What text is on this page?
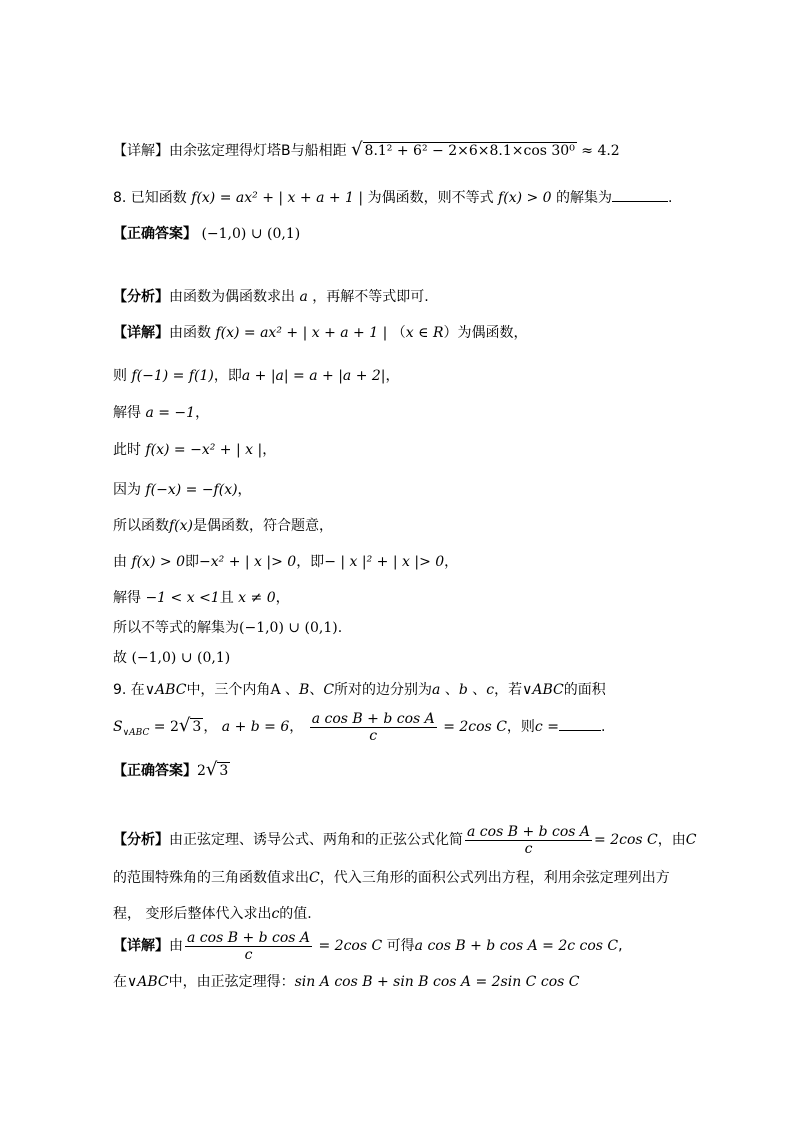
【详解】由余弦定理得灯塔B与船相距 √ 8.1² + 6² − 2×6×8.1×cos 30⁰ ≈ 4.2
8. 已知函数 f(x) = ax² + | x + a + 1 | 为偶函数，则不等式 f(x) > 0 的解集为	.
【正确答案】 (−1,0) ∪ (0,1)
【分析】由函数为偶函数求出 a ，再解不等式即可.
【详解】由函数 f(x) = ax² + | x + a + 1 | （x ∈ R）为偶函数，
则 f(−1) = f(1)，即a + |a| = a + |a + 2|，
解得 a = −1，
此时 f(x) = −x² + | x |，
因为 f(−x) = −f(x)，
所以函数f(x)是偶函数，符合题意，
由 f(x) > 0即−x² + | x |> 0，即− | x |² + | x |> 0，
解得 −1 < x <1且 x ≠ 0，
所以不等式的解集为(−1,0) ∪ (0,1).
故 (−1,0) ∪ (0,1)
9. 在∨ABC中，三个内角A 、B、C所对的边分别为a 、b 、c，若∨ABC的面积
$S_{\vee ABC} = 2√$ 3 ， a + b = 6， $\frac{\text{a cos B + b cos A}}{c} = 2\cos$ C，则c =	.
【正确答案】2√ 3
【分析】由正弦定理、诱导公式、两角和的正弦公式化简 $\frac{\text{a cos B + b cos A}}{c} = 2\cos$ C，由C
的范围特殊角的三角函数值求出C，代入三角形的面积公式列出方程，利用余弦定理列出方
程， 变形后整体代入求出c的值.
【详解】由 $\frac{\text{a cos B + b cos A}}{c} = 2\cos$ C 可得a cos B + b cos A = 2c cos C,
在∨ABC中，由正弦定理得：sin A cos B + sin B cos A = 2sin C cos C
